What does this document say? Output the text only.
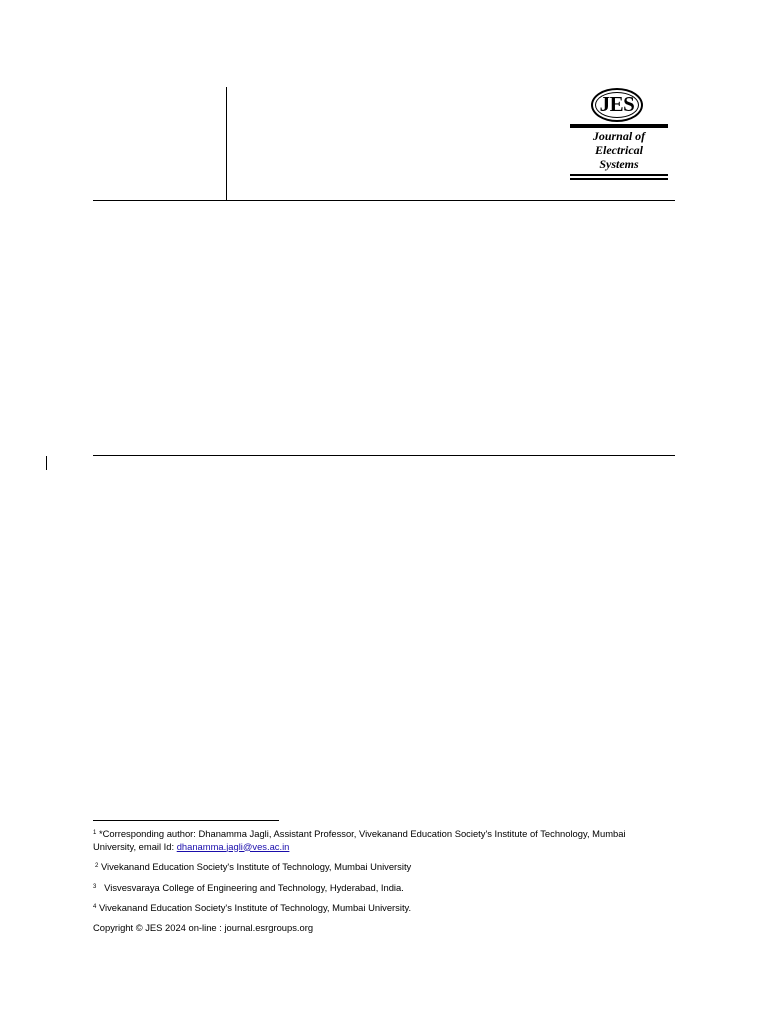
JES
Journal of
Electrical
Systems

$^1$ *Corresponding author: Dhanamma Jagli, Assistant Professor, Vivekanand Education Society's Institute of Technology, Mumbai University, email Id: dhanamma.jagli@ves.ac.in

$^2$ Vivekanand Education Society's Institute of Technology, Mumbai University

$^3$   Visvesvaraya College of Engineering and Technology, Hyderabad, India.

$^4$ Vivekanand Education Society's Institute of Technology, Mumbai University.

Copyright © JES 2024 on-line : journal.esrgroups.org
